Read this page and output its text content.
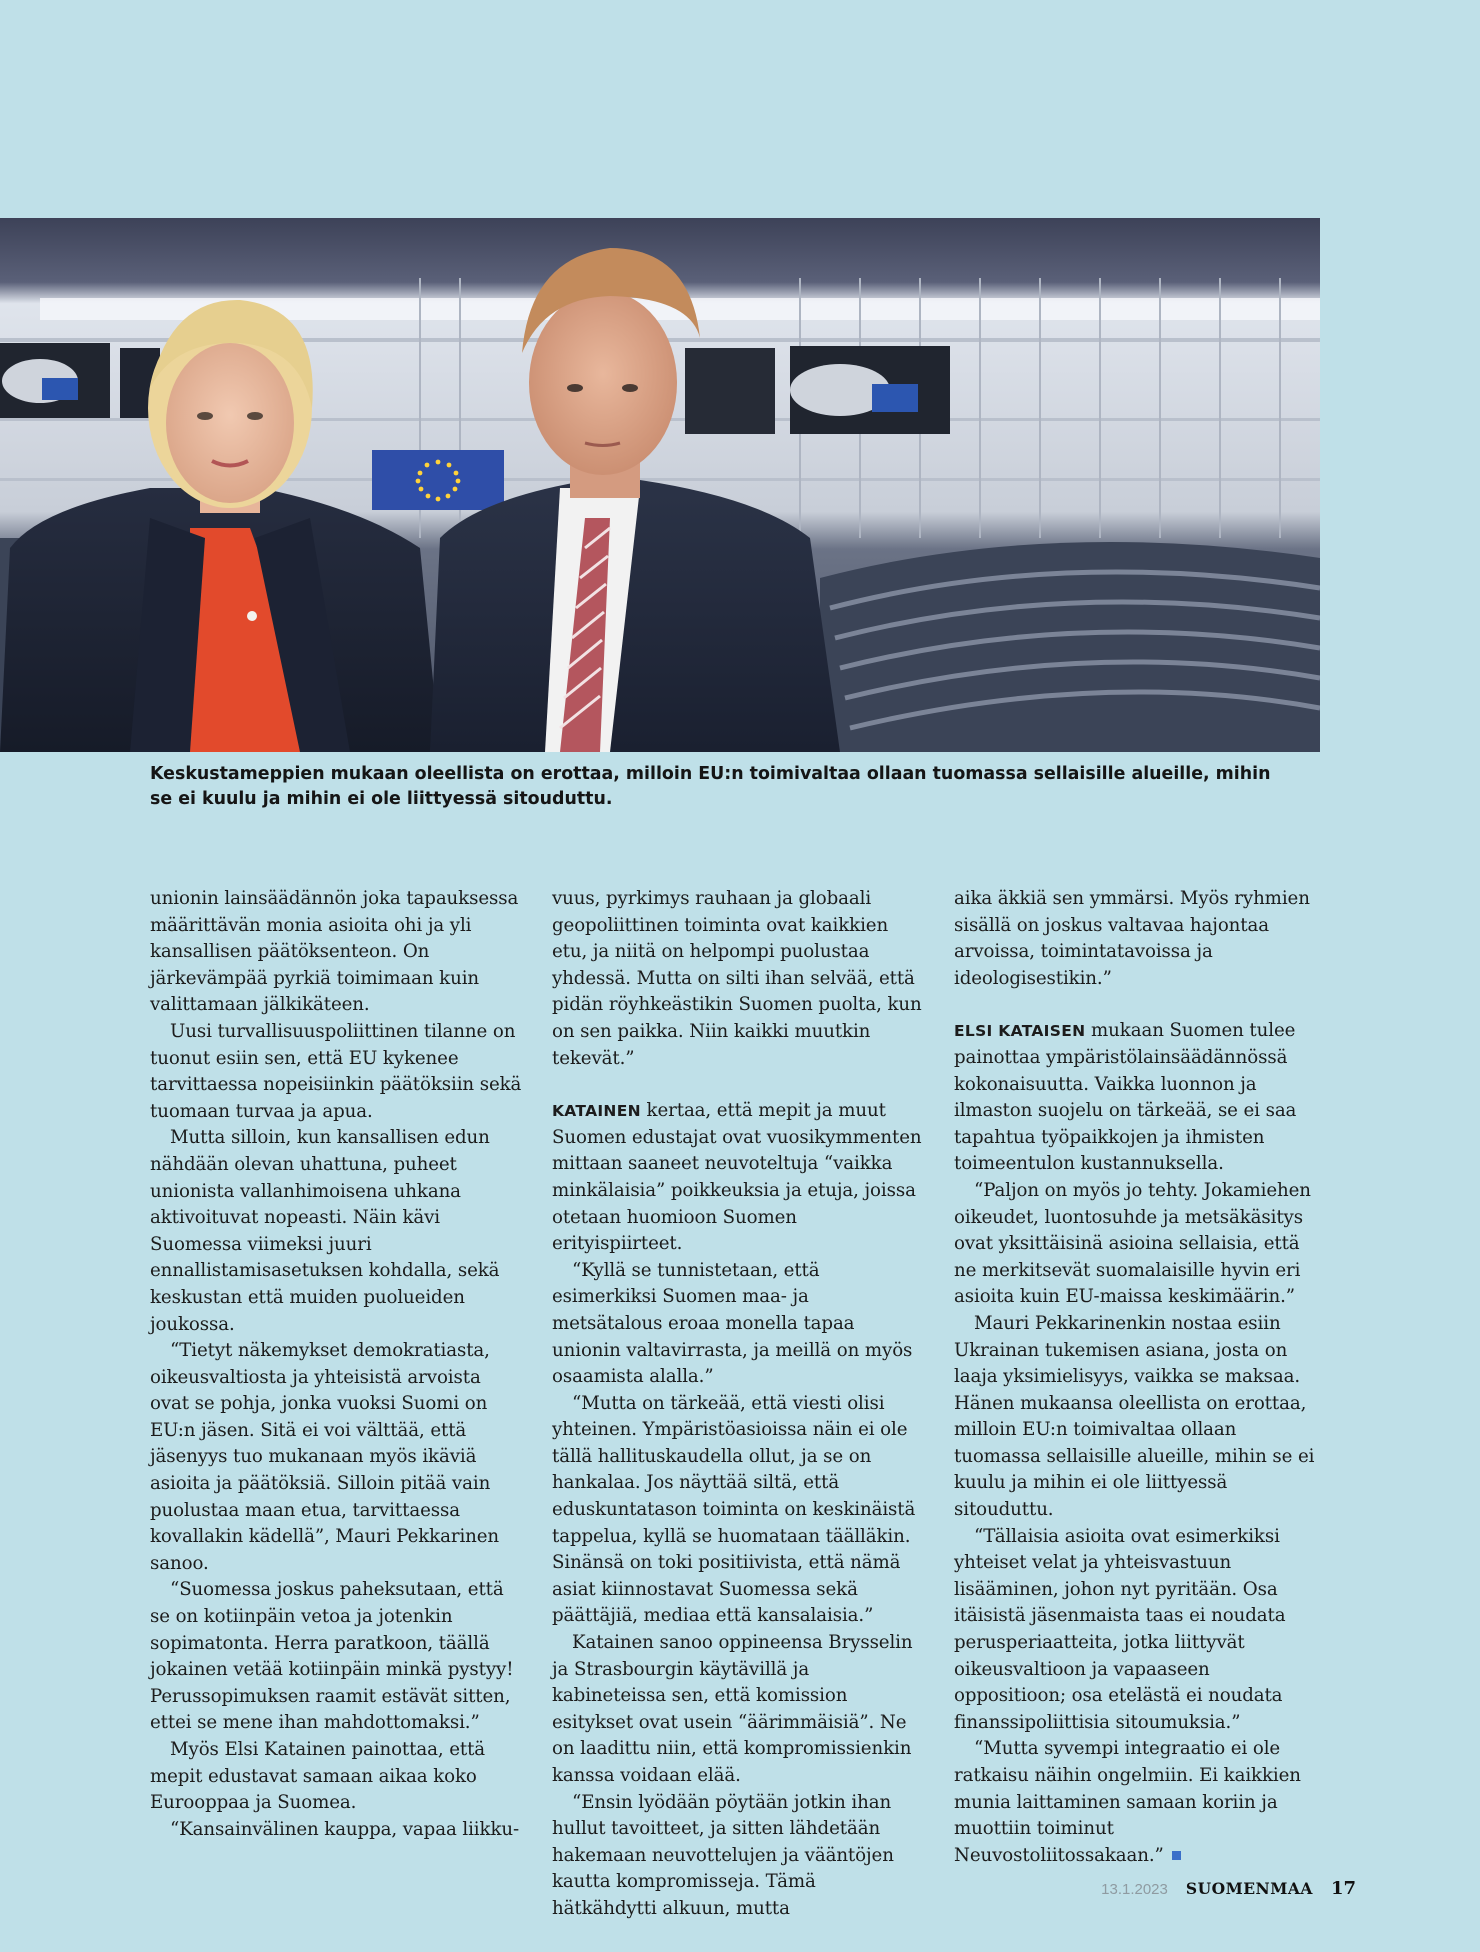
Keskustameppien mukaan oleellista on erottaa, milloin EU:n toimivaltaa ollaan tuomassa sellaisille alueille, mihin se ei kuulu ja mihin ei ole liittyessä sitouduttu.

unionin lainsäädännön joka tapauksessa määrittävän monia asioita ohi ja yli kansallisen päätöksenteon. On järkevämpää pyrkiä toimimaan kuin valittamaan jälkikäteen.

Uusi turvallisuuspoliittinen tilanne on tuonut esiin sen, että EU kykenee tarvittaessa nopeisiinkin päätöksiin sekä tuomaan turvaa ja apua.

Mutta silloin, kun kansallisen edun nähdään olevan uhattuna, puheet unionista vallanhimoisena uhkana aktivoituvat nopeasti. Näin kävi Suomessa viimeksi juuri ennallistamisasetuksen kohdalla, sekä keskustan että muiden puolueiden joukossa.

“Tietyt näkemykset demokratiasta, oikeusvaltiosta ja yhteisistä arvoista ovat se pohja, jonka vuoksi Suomi on EU:n jäsen. Sitä ei voi välttää, että jäsenyys tuo mukanaan myös ikäviä asioita ja päätöksiä. Silloin pitää vain puolustaa maan etua, tarvittaessa kovallakin kädellä”, Mauri Pekkarinen sanoo.

“Suomessa joskus paheksutaan, että se on kotiinpäin vetoa ja jotenkin sopimatonta. Herra paratkoon, täällä jokainen vetää kotiinpäin minkä pystyy! Perussopimuksen raamit estävät sitten, ettei se mene ihan mahdottomaksi.”

Myös Elsi Katainen painottaa, että mepit edustavat samaan aikaa koko Eurooppaa ja Suomea.

“Kansainvälinen kauppa, vapaa liikku-

vuus, pyrkimys rauhaan ja globaali geopoliittinen toiminta ovat kaikkien etu, ja niitä on helpompi puolustaa yhdessä. Mutta on silti ihan selvää, että pidän röyhkeästikin Suomen puolta, kun on sen paikka. Niin kaikki muutkin tekevät.”

KATAINEN kertaa, että mepit ja muut Suomen edustajat ovat vuosikymmenten mittaan saaneet neuvoteltuja “vaikka minkälaisia” poikkeuksia ja etuja, joissa otetaan huomioon Suomen erityispiirteet.

“Kyllä se tunnistetaan, että esimerkiksi Suomen maa- ja metsätalous eroaa monella tapaa unionin valtavirrasta, ja meillä on myös osaamista alalla.”

“Mutta on tärkeää, että viesti olisi yhteinen. Ympäristöasioissa näin ei ole tällä hallituskaudella ollut, ja se on hankalaa. Jos näyttää siltä, että eduskuntatason toiminta on keskinäistä tappelua, kyllä se huomataan täälläkin. Sinänsä on toki positiivista, että nämä asiat kiinnostavat Suomessa sekä päättäjiä, mediaa että kansalaisia.”

Katainen sanoo oppineensa Brysselin ja Strasbourgin käytävillä ja kabineteissa sen, että komission esitykset ovat usein “äärimmäisiä”. Ne on laadittu niin, että kompromissienkin kanssa voidaan elää.

“Ensin lyödään pöytään jotkin ihan hullut tavoitteet, ja sitten lähdetään hakemaan neuvottelujen ja vääntöjen kautta kompromisseja. Tämä hätkähdytti alkuun, mutta

aika äkkiä sen ymmärsi. Myös ryhmien sisällä on joskus valtavaa hajontaa arvoissa, toimintatavoissa ja ideologisestikin.”

ELSI KATAISEN mukaan Suomen tulee painottaa ympäristölainsäädännössä kokonaisuutta. Vaikka luonnon ja ilmaston suojelu on tärkeää, se ei saa tapahtua työpaikkojen ja ihmisten toimeentulon kustannuksella.

“Paljon on myös jo tehty. Jokamiehen oikeudet, luontosuhde ja metsäkäsitys ovat yksittäisinä asioina sellaisia, että ne merkitsevät suomalaisille hyvin eri asioita kuin EU-maissa keskimäärin.”

Mauri Pekkarinenkin nostaa esiin Ukrainan tukemisen asiana, josta on laaja yksimielisyys, vaikka se maksaa. Hänen mukaansa oleellista on erottaa, milloin EU:n toimivaltaa ollaan tuomassa sellaisille alueille, mihin se ei kuulu ja mihin ei ole liittyessä sitouduttu.

“Tällaisia asioita ovat esimerkiksi yhteiset velat ja yhteisvastuun lisääminen, johon nyt pyritään. Osa itäisistä jäsenmaista taas ei noudata perusperiaatteita, jotka liittyvät oikeusvaltioon ja vapaaseen oppositioon; osa etelästä ei noudata finanssipoliittisia sitoumuksia.”

“Mutta syvempi integraatio ei ole ratkaisu näihin ongelmiin. Ei kaikkien munia laittaminen samaan koriin ja muottiin toiminut Neuvostoliitossakaan.”

13.1.2023 SUOMENMAA 17
